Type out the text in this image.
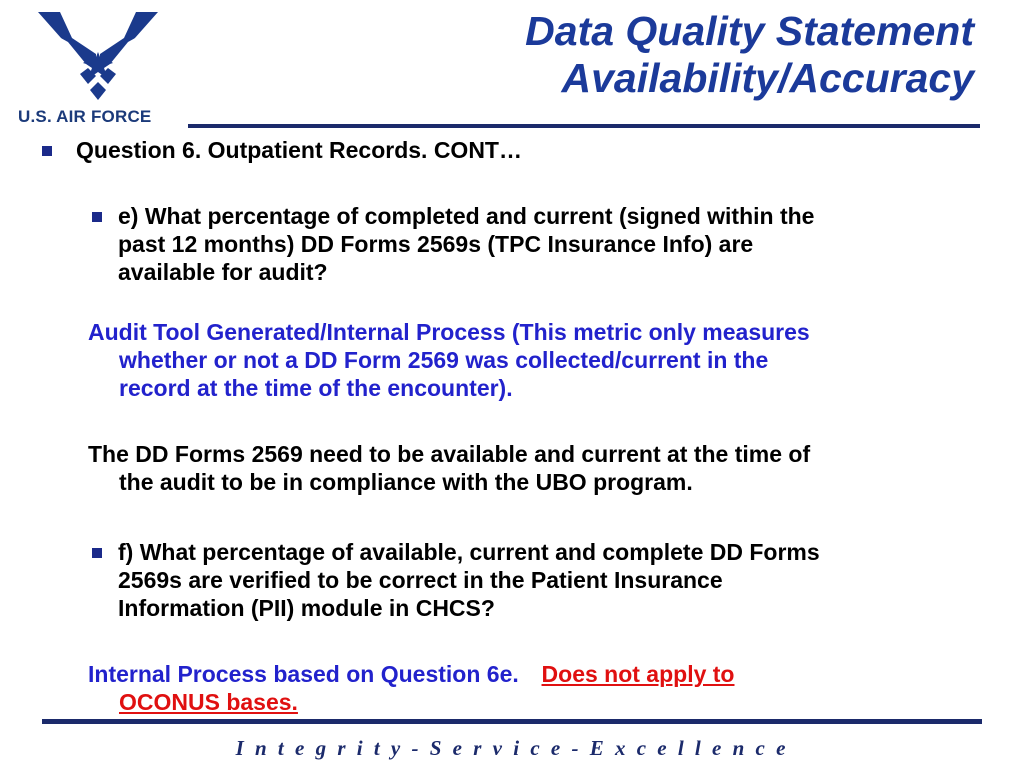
U.S. AIR FORCE
Data Quality Statement
Availability/Accuracy
Question 6. Outpatient Records. CONT…
e) What percentage of completed and current (signed within the
past 12 months) DD Forms 2569s (TPC Insurance Info) are
available for audit?
Audit Tool Generated/Internal Process (This metric only measures
whether or not a DD Form 2569 was collected/current in the
record at the time of the encounter).
The DD Forms 2569 need to be available and current at the time of
the audit to be in compliance with the UBO program.
f) What percentage of available, current and complete DD Forms
2569s are verified to be correct in the Patient Insurance
Information (PII) module in CHCS?
Internal Process based on Question 6e. Does not apply to
OCONUS bases.
I n t e g r i t y - S e r v i c e - E x c e l l e n c e
